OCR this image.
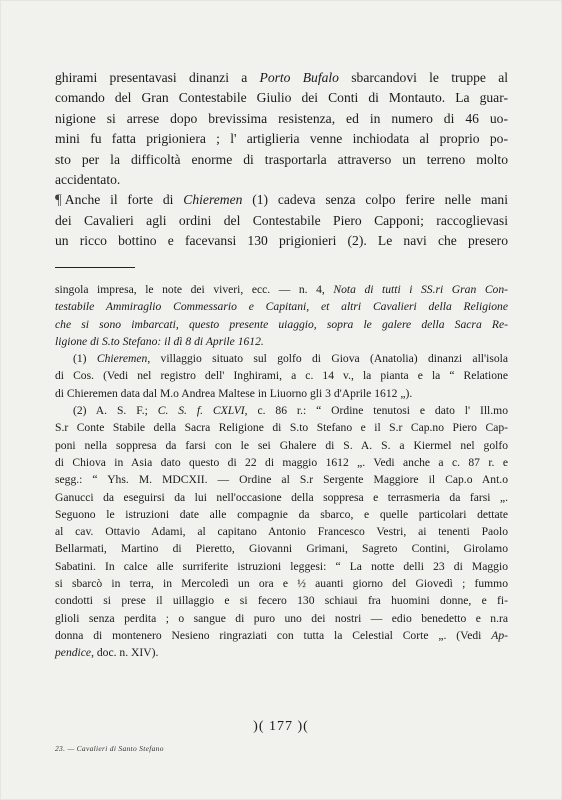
ghirami presentavasi dinanzi a Porto Bufalo sbarcandovi le truppe al
comando del Gran Contestabile Giulio dei Conti di Montauto. La guar-
nigione si arrese dopo brevissima resistenza, ed in numero di 46 uo-
mini fu fatta prigioniera ; l' artiglieria venne inchiodata al proprio po-
sto per la difficoltà enorme di trasportarla attraverso un terreno molto
accidentato.
¶ Anche il forte di Chieremen (1) cadeva senza colpo ferire nelle mani
dei Cavalieri agli ordini del Contestabile Piero Capponi; raccoglievasi
un ricco bottino e facevansi 130 prigionieri (2). Le navi che presero
singola impresa, le note dei viveri, ecc. — n. 4, Nota di tutti i SS.ri Gran Con-
testabile Ammiraglio Commessario e Capitani, et altri Cavalieri della Religione
che si sono imbarcati, questo presente uiaggio, sopra le galere della Sacra Re-
ligione di S.to Stefano: il dì 8 di Aprile 1612.
(1) Chieremen, villaggio situato sul golfo di Giova (Anatolia) dinanzi all'isola
di Cos. (Vedi nel registro dell' Inghirami, a c. 14 v., la pianta e la “ Relatione
di Chieremen data dal M.o Andrea Maltese in Liuorno gli 3 d'Aprile 1612 „).
(2) A. S. F.; C. S. f. CXLVI, c. 86 r.: “ Ordine tenutosi e dato l' Ill.mo
S.r Conte Stabile della Sacra Religione di S.to Stefano e il S.r Cap.no Piero Cap-
poni nella soppresa da farsi con le sei Ghalere di S. A. S. a Kiermel nel golfo
di Chiova in Asia dato questo di 22 di maggio 1612 „. Vedi anche a c. 87 r. e
segg.: “ Yhs. M. MDCXII. — Ordine al S.r Sergente Maggiore il Cap.o Ant.o
Ganucci da eseguirsi da lui nell'occasione della soppresa e terrasmeria da farsi „.
Seguono le istruzioni date alle compagnie da sbarco, e quelle particolari dettate
al cav. Ottavio Adami, al capitano Antonio Francesco Vestri, ai tenenti Paolo
Bellarmati, Martino di Pieretto, Giovanni Grimani, Sagreto Contini, Girolamo
Sabatini. In calce alle surriferite istruzioni leggesi: “ La notte delli 23 di Maggio
si sbarcò in terra, in Mercoledì un ora e ½ auanti giorno del Giovedì ; fummo
condotti si prese il uillaggio e si fecero 130 schiaui fra huomini donne, e fi-
glioli senza perdita ; o sangue di puro uno dei nostri — edio benedetto e n.ra
donna di montenero Nesieno ringraziati con tutta la Celestial Corte „. (Vedi Ap-
pendice, doc. n. XIV).
)( 177 )(
23. — Cavalieri di Santo Stefano
